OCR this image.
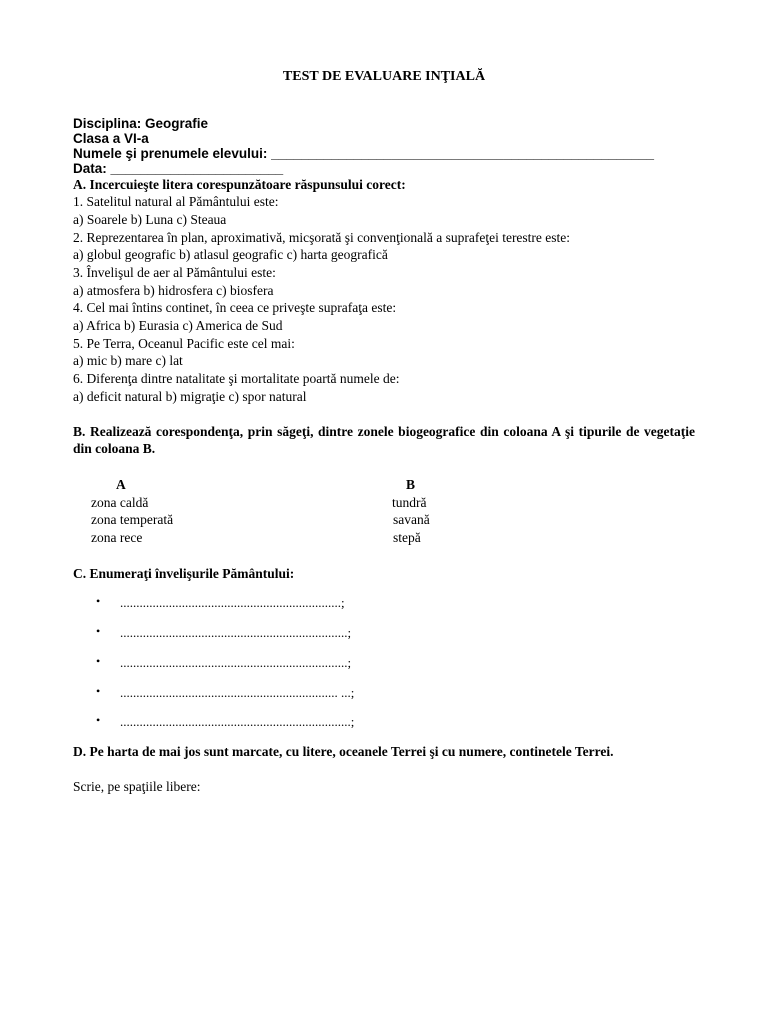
TEST DE EVALUARE INŢIALĂ
Disciplina: Geografie
Clasa a VI-a
Numele şi prenumele elevului: ___________________________________________________
Data: _______________________
A. Incercuieşte litera corespunzătoare răspunsului corect:
1. Satelitul natural al Pământului este:
a) Soarele b) Luna c) Steaua
2. Reprezentarea în plan, aproximativă, micşorată şi convenţională a suprafeţei terestre este:
a) globul geografic b) atlasul geografic c) harta geografică
3. Învelişul de aer al Pământului este:
a) atmosfera b) hidrosfera c) biosfera
4. Cel mai întins continet, în ceea ce priveşte suprafaţa este:
a) Africa b) Eurasia c) America de Sud
5. Pe Terra, Oceanul Pacific este cel mai:
a) mic b) mare c) lat
6. Diferenţa dintre natalitate şi mortalitate poartă numele de:
a) deficit natural b) migraţie c) spor natural
B. Realizează corespondenţa, prin săgeţi, dintre zonele biogeografice din coloana A şi tipurile de vegetaţie din coloana B.
A	B
zona caldă
zona temperată
zona rece
tundră
savană
stepă
C. Enumeraţi învelişurile Pământului:
• ....................................................................;
• ......................................................................;
• ......................................................................;
• ................................................................... ...;
• .......................................................................;
D. Pe harta de mai jos sunt marcate, cu litere, oceanele Terrei şi cu numere, continetele Terrei.
Scrie, pe spaţiile libere:
